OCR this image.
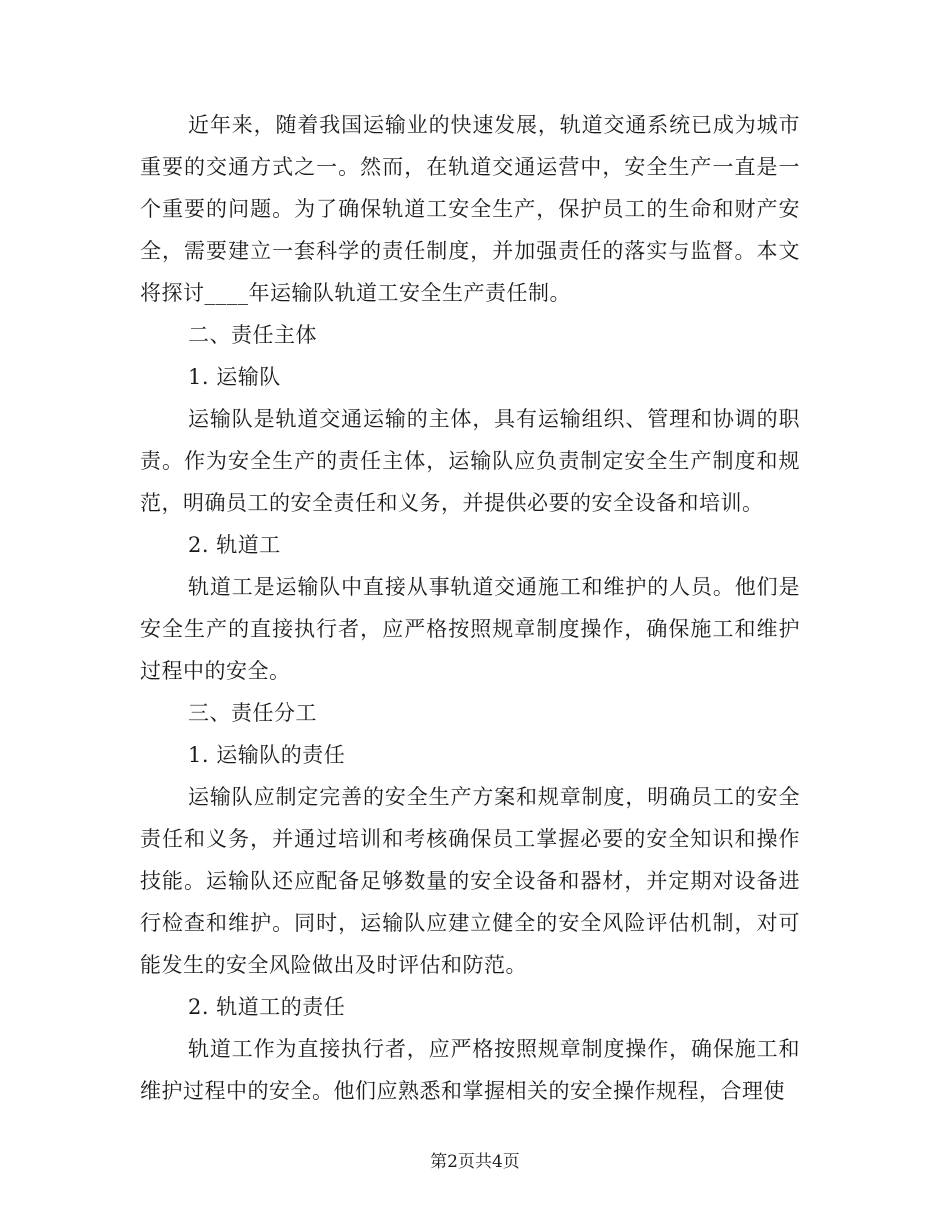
近年来，随着我国运输业的快速发展，轨道交通系统已成为城市重要的交通方式之一。然而，在轨道交通运营中，安全生产一直是一个重要的问题。为了确保轨道工安全生产，保护员工的生命和财产安全，需要建立一套科学的责任制度，并加强责任的落实与监督。本文将探讨____年运输队轨道工安全生产责任制。

二、责任主体

1. 运输队

运输队是轨道交通运输的主体，具有运输组织、管理和协调的职责。作为安全生产的责任主体，运输队应负责制定安全生产制度和规范，明确员工的安全责任和义务，并提供必要的安全设备和培训。

2. 轨道工

轨道工是运输队中直接从事轨道交通施工和维护的人员。他们是安全生产的直接执行者，应严格按照规章制度操作，确保施工和维护过程中的安全。

三、责任分工

1. 运输队的责任

运输队应制定完善的安全生产方案和规章制度，明确员工的安全责任和义务，并通过培训和考核确保员工掌握必要的安全知识和操作技能。运输队还应配备足够数量的安全设备和器材，并定期对设备进行检查和维护。同时，运输队应建立健全的安全风险评估机制，对可能发生的安全风险做出及时评估和防范。

2. 轨道工的责任

轨道工作为直接执行者，应严格按照规章制度操作，确保施工和维护过程中的安全。他们应熟悉和掌握相关的安全操作规程，合理使

第2页共4页
